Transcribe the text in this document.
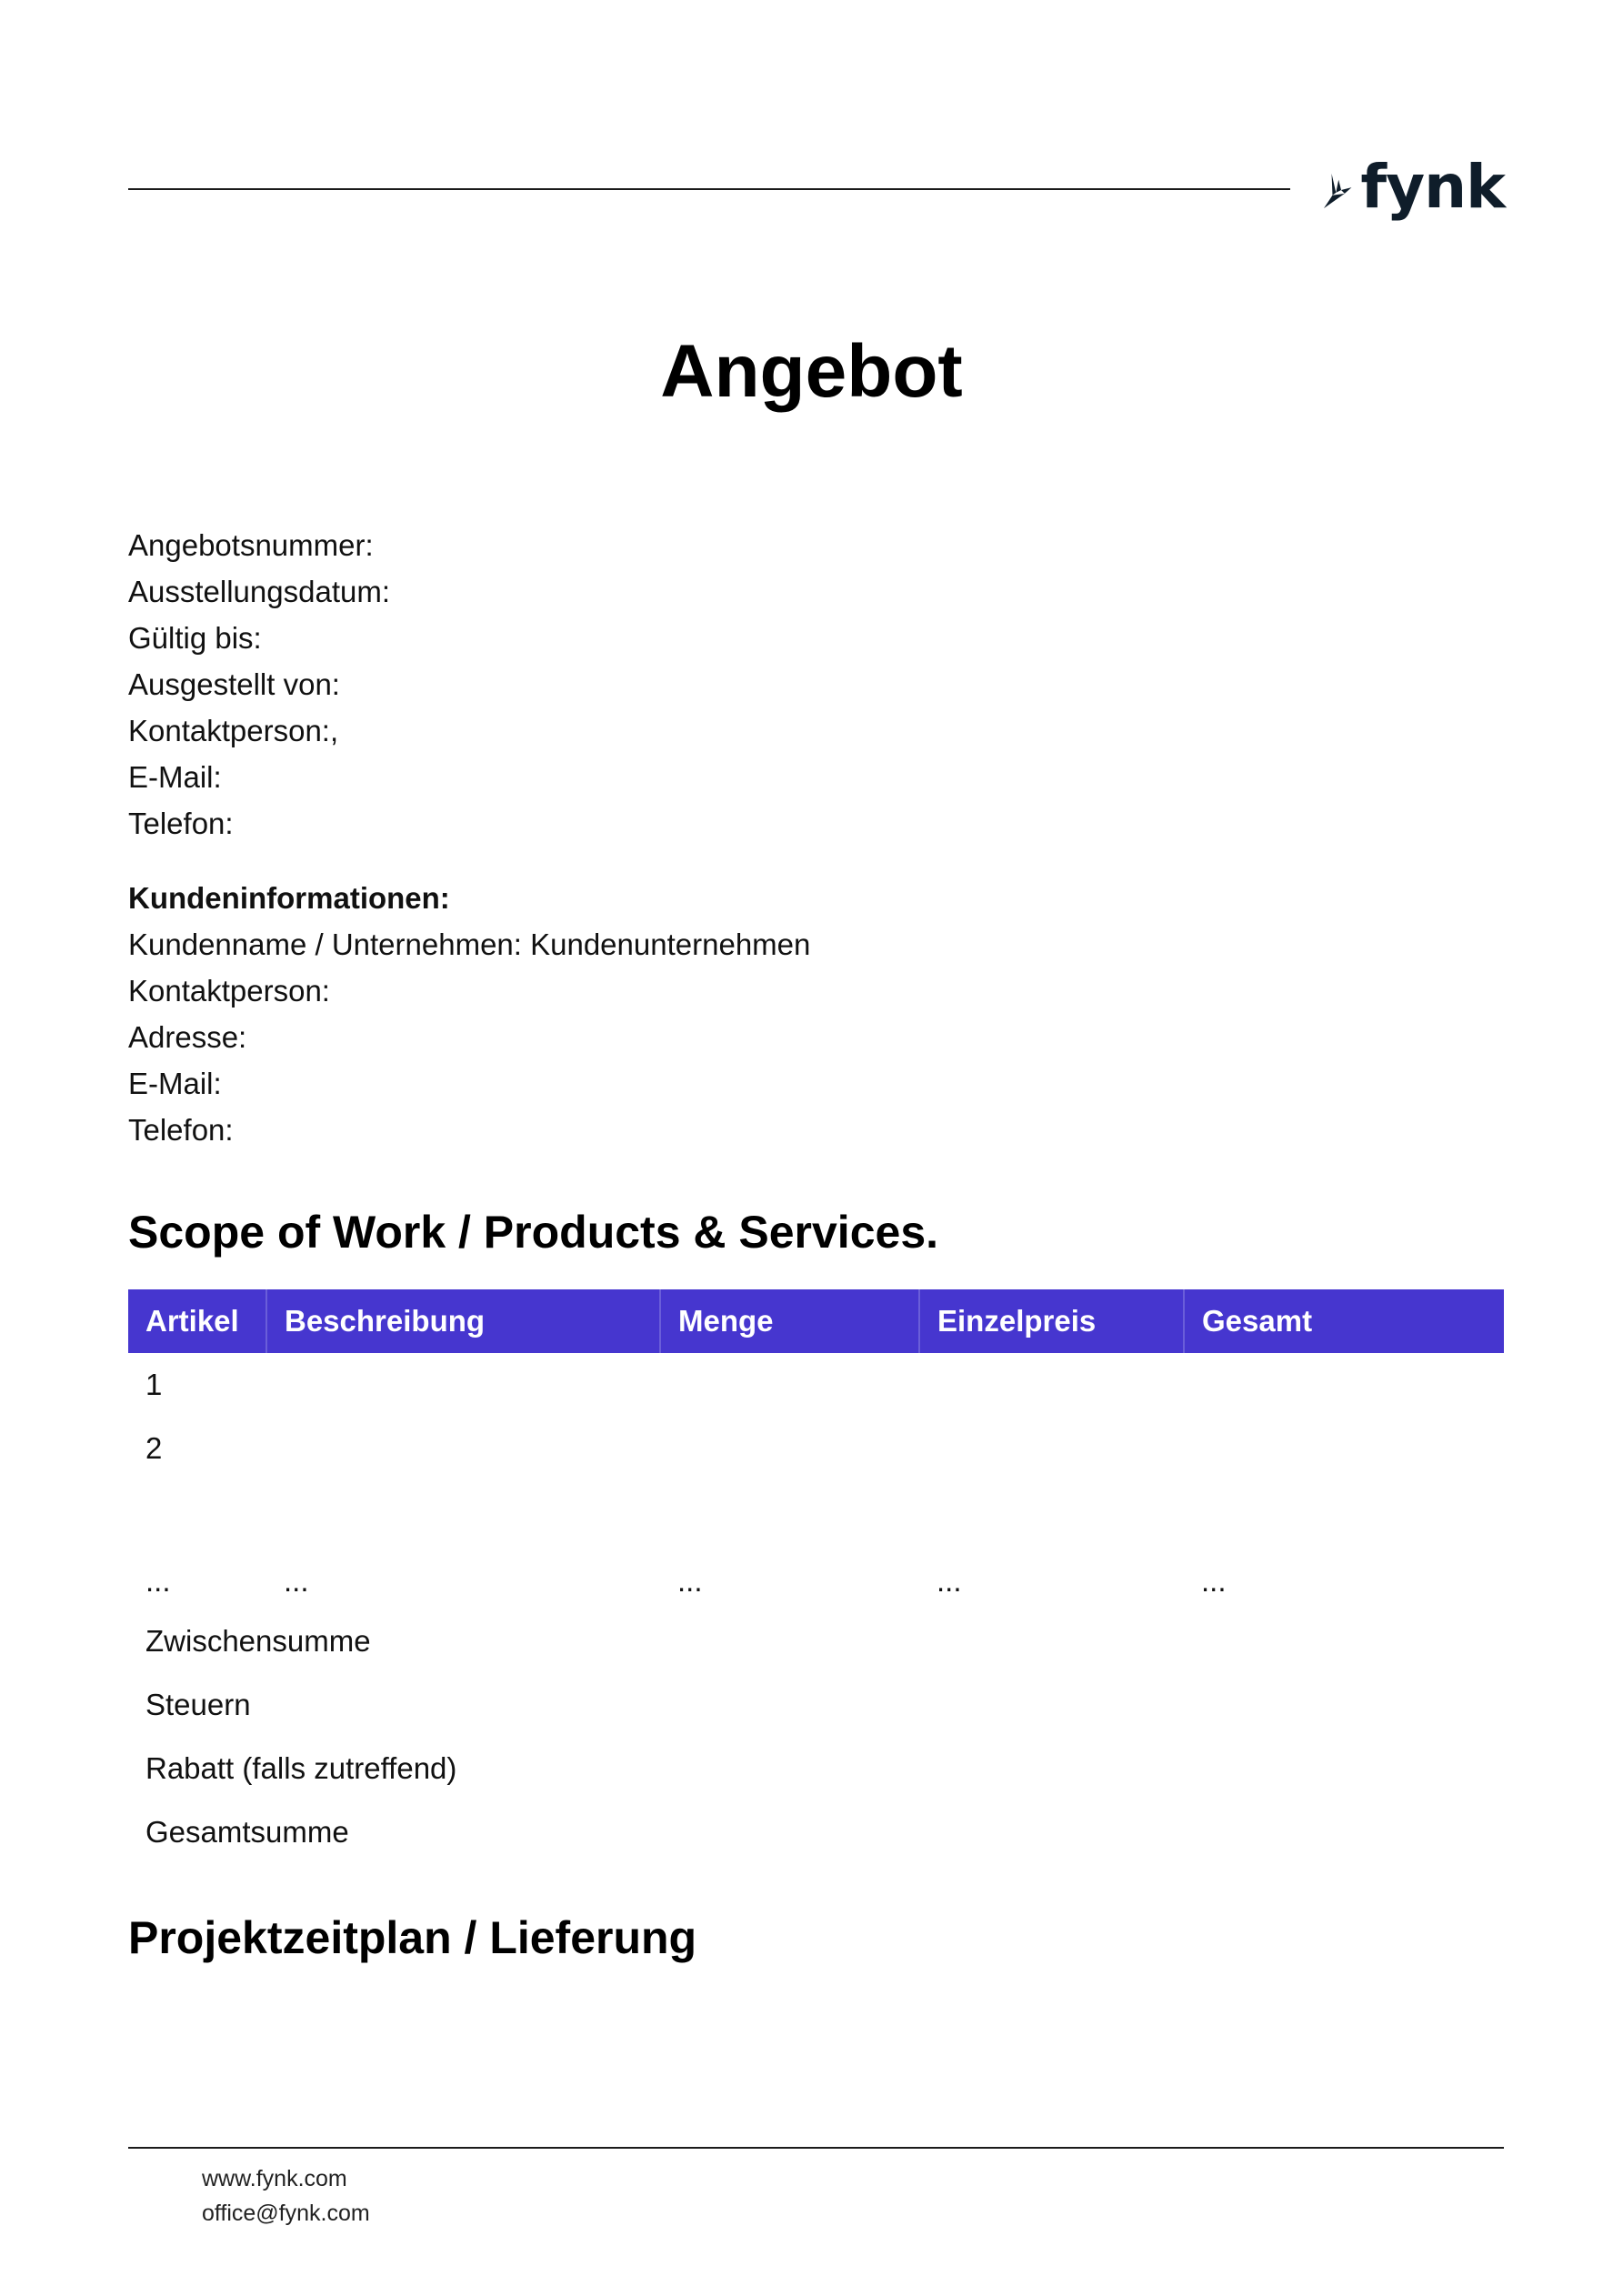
fynk
Angebot
Angebotsnummer:
Ausstellungsdatum:
Gültig bis:
Ausgestellt von:
Kontaktperson:,
E-Mail:
Telefon:
Kundeninformationen:
Kundenname / Unternehmen: Kundenunternehmen
Kontaktperson:
Adresse:
E-Mail:
Telefon:
Scope of Work / Products & Services.
Artikel	Beschreibung	Menge	Einzelpreis	Gesamt
1				
2				
...	...	...	...	...
Zwischensumme				
Steuern				
Rabatt (falls zutreffend)				
Gesamtsumme				
Projektzeitplan / Lieferung
www.fynk.com
office@fynk.com
